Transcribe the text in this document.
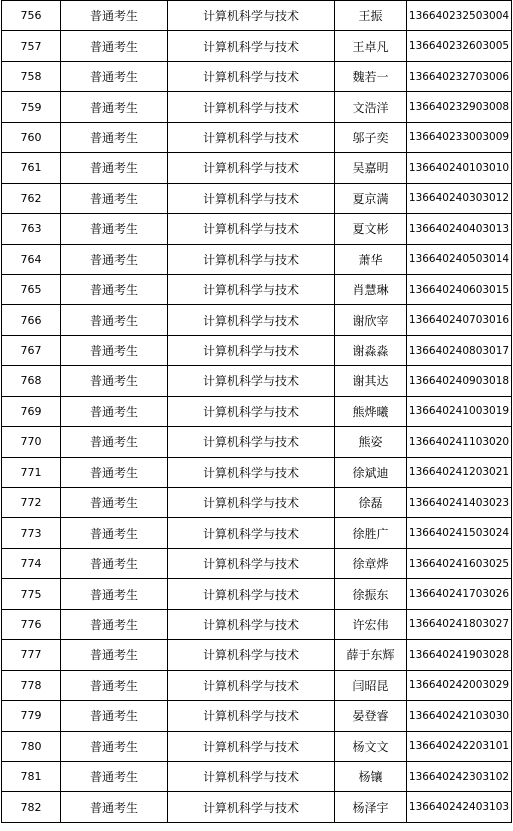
756	普通考生	计算机科学与技术	王振	136640232503004
757	普通考生	计算机科学与技术	王卓凡	136640232603005
758	普通考生	计算机科学与技术	魏若一	136640232703006
759	普通考生	计算机科学与技术	文浩洋	136640232903008
760	普通考生	计算机科学与技术	邬子奕	136640233003009
761	普通考生	计算机科学与技术	吴嘉明	136640240103010
762	普通考生	计算机科学与技术	夏京满	136640240303012
763	普通考生	计算机科学与技术	夏文彬	136640240403013
764	普通考生	计算机科学与技术	萧华	136640240503014
765	普通考生	计算机科学与技术	肖慧琳	136640240603015
766	普通考生	计算机科学与技术	谢欣宰	136640240703016
767	普通考生	计算机科学与技术	谢淼淼	136640240803017
768	普通考生	计算机科学与技术	谢其达	136640240903018
769	普通考生	计算机科学与技术	熊烨曦	136640241003019
770	普通考生	计算机科学与技术	熊姿	136640241103020
771	普通考生	计算机科学与技术	徐斌迪	136640241203021
772	普通考生	计算机科学与技术	徐磊	136640241403023
773	普通考生	计算机科学与技术	徐胜广	136640241503024
774	普通考生	计算机科学与技术	徐章烨	136640241603025
775	普通考生	计算机科学与技术	徐振东	136640241703026
776	普通考生	计算机科学与技术	许宏伟	136640241803027
777	普通考生	计算机科学与技术	薛于东辉	136640241903028
778	普通考生	计算机科学与技术	闫昭昆	136640242003029
779	普通考生	计算机科学与技术	晏登睿	136640242103030
780	普通考生	计算机科学与技术	杨文文	136640242203101
781	普通考生	计算机科学与技术	杨镶	136640242303102
782	普通考生	计算机科学与技术	杨泽宇	136640242403103
